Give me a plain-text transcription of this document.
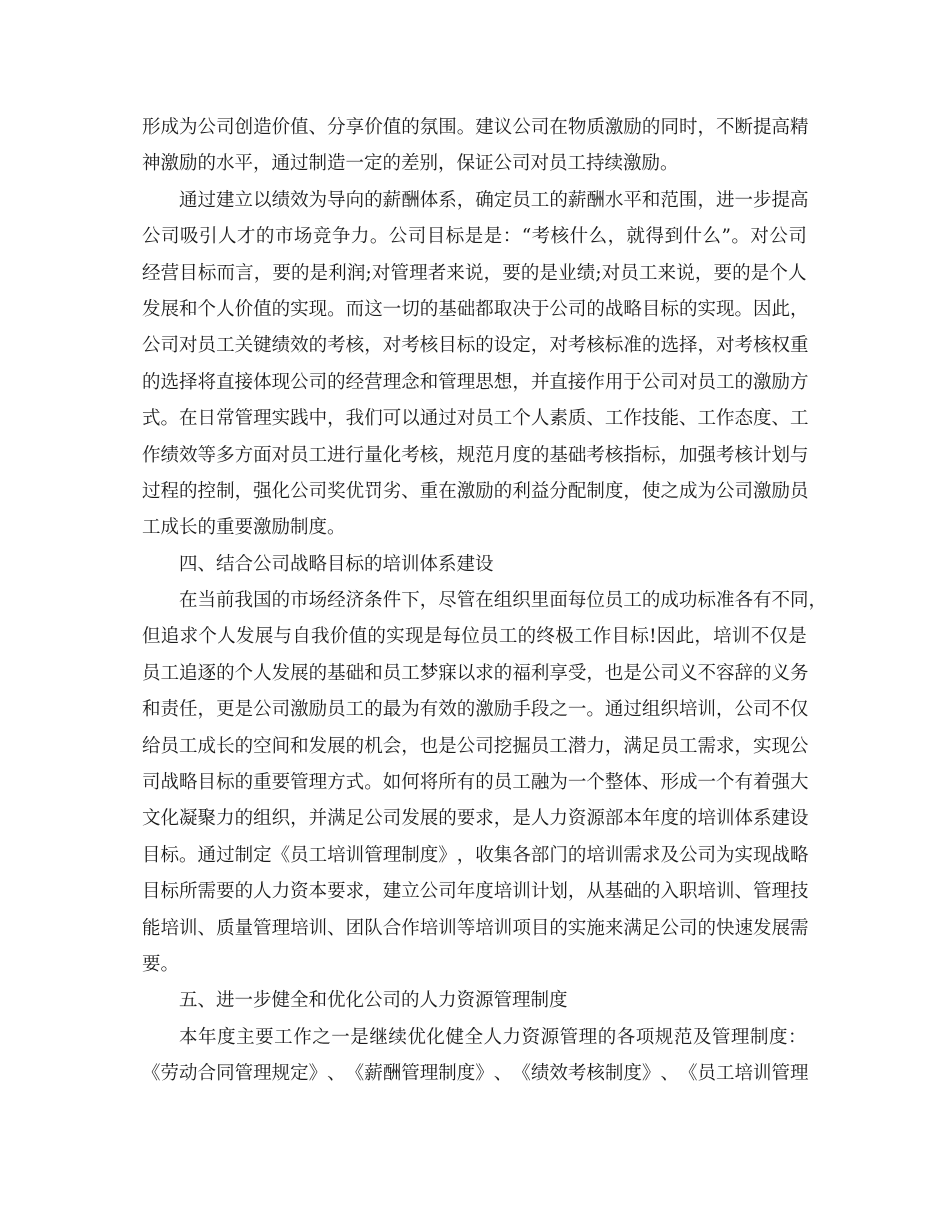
形 成 为 公 司 创 造 价 值 、 分 享 价 值 的 氛 围 。 建 议 公 司 在 物 质 激 励 的 同 时 ， 不 断 提 高 精
神激励的水平，通过制造一定的差别，保证公司对员工持续激励。
通 过 建 立 以 绩 效 为 导 向 的 薪 酬 体 系 ， 确 定 员 工 的 薪 酬 水 平 和 范 围 ， 进 一 步 提 高
公 司 吸 引 人 才 的 市 场 竞 争 力 。 公 司 目 标 是 是 ： “ 考 核 什 么 ， 就 得 到 什 么 ” 。 对 公 司
经 营 目 标 而 言 ， 要 的 是 利 润 ; 对 管 理 者 来 说 ， 要 的 是 业 绩 ; 对 员 工 来 说 ， 要 的 是 个 人
发 展 和 个 人 价 值 的 实 现 。 而 这 一 切 的 基 础 都 取 决 于 公 司 的 战 略 目 标 的 实 现 。 因 此 ，
公 司 对 员 工 关 键 绩 效 的 考 核 ， 对 考 核 目 标 的 设 定 ， 对 考 核 标 准 的 选 择 ， 对 考 核 权 重
的 选 择 将 直 接 体 现 公 司 的 经 营 理 念 和 管 理 思 想 ， 并 直 接 作 用 于 公 司 对 员 工 的 激 励 方
式 。 在 日 常 管 理 实 践 中 ， 我 们 可 以 通 过 对 员 工 个 人 素 质 、 工 作 技 能 、 工 作 态 度 、 工
作 绩 效 等 多 方 面 对 员 工 进 行 量 化 考 核 ， 规 范 月 度 的 基 础 考 核 指 标 ， 加 强 考 核 计 划 与
过 程 的 控 制 ， 强 化 公 司 奖 优 罚 劣 、 重 在 激 励 的 利 益 分 配 制 度 ， 使 之 成 为 公 司 激 励 员
工成长的重要激励制度。
四、结合公司战略目标的培训体系建设
在 当 前 我 国 的 市 场 经 济 条 件 下 ， 尽 管 在 组 织 里 面 每 位 员 工 的 成 功 标 准 各 有 不 同 ，
但 追 求 个 人 发 展 与 自 我 价 值 的 实 现 是 每 位 员 工 的 终 极 工 作 目 标 ! 因 此 ， 培 训 不 仅 是
员 工 追 逐 的 个 人 发 展 的 基 础 和 员 工 梦 寐 以 求 的 福 利 享 受 ， 也 是 公 司 义 不 容 辞 的 义 务
和 责 任 ， 更 是 公 司 激 励 员 工 的 最 为 有 效 的 激 励 手 段 之 一 。 通 过 组 织 培 训 ， 公 司 不 仅
给 员 工 成 长 的 空 间 和 发 展 的 机 会 ， 也 是 公 司 挖 掘 员 工 潜 力 ， 满 足 员 工 需 求 ， 实 现 公
司 战 略 目 标 的 重 要 管 理 方 式 。 如 何 将 所 有 的 员 工 融 为 一 个 整 体 、 形 成 一 个 有 着 强 大
文 化 凝 聚 力 的 组 织 ， 并 满 足 公 司 发 展 的 要 求 ， 是 人 力 资 源 部 本 年 度 的 培 训 体 系 建 设
目 标 。 通 过 制 定 《 员 工 培 训 管 理 制 度 》 ， 收 集 各 部 门 的 培 训 需 求 及 公 司 为 实 现 战 略
目 标 所 需 要 的 人 力 资 本 要 求 ， 建 立 公 司 年 度 培 训 计 划 ， 从 基 础 的 入 职 培 训 、 管 理 技
能 培 训 、 质 量 管 理 培 训 、 团 队 合 作 培 训 等 培 训 项 目 的 实 施 来 满 足 公 司 的 快 速 发 展 需
要。
五、进一步健全和优化公司的人力资源管理制度
本 年 度 主 要 工 作 之 一 是 继 续 优 化 健 全 人 力 资 源 管 理 的 各 项 规 范 及 管 理 制 度 ：
《 劳 动 合 同 管 理 规 定 》 、 《 薪 酬 管 理 制 度 》 、 《 绩 效 考 核 制 度 》 、 《 员 工 培 训 管 理
